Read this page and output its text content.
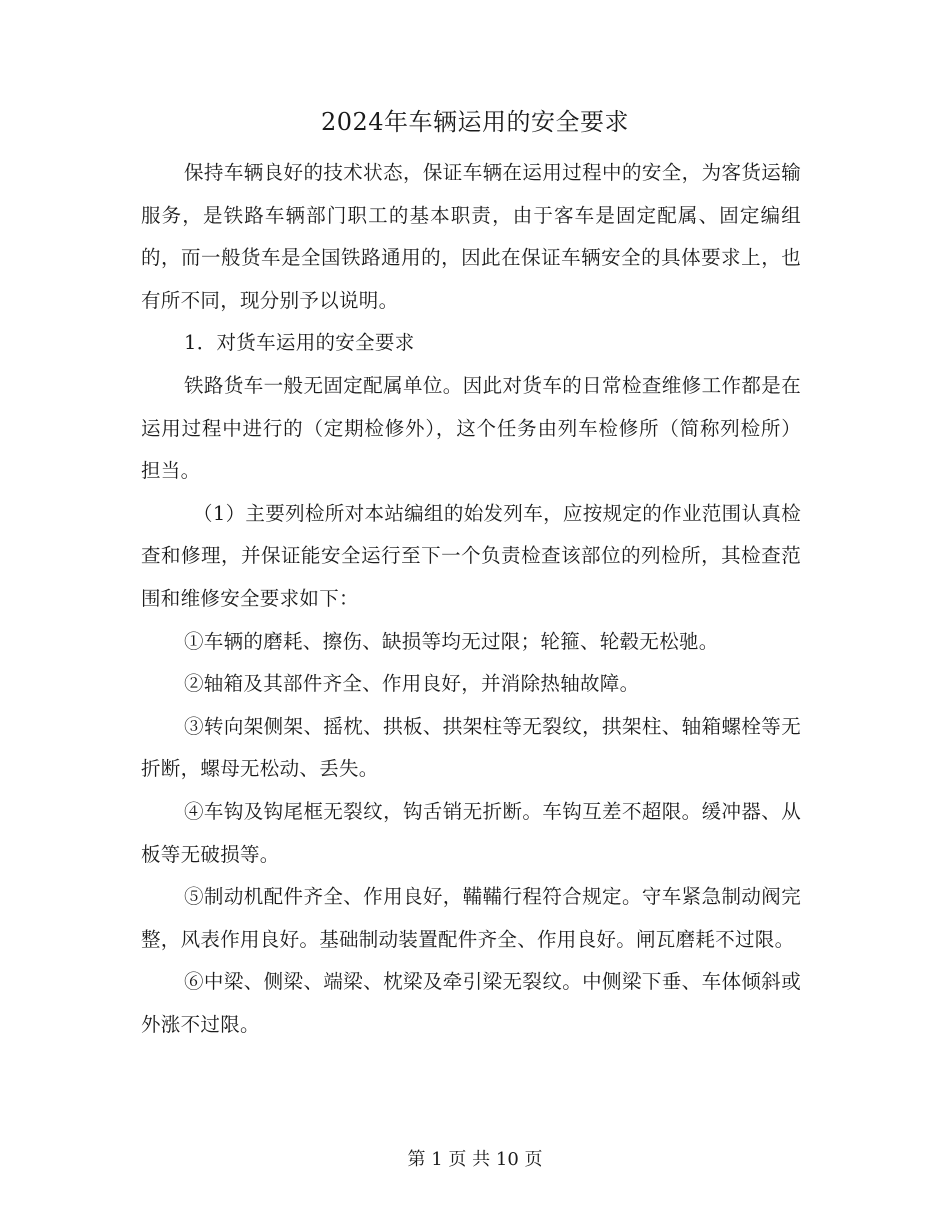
2024年车辆运用的安全要求

保持车辆良好的技术状态，保证车辆在运用过程中的安全，为客货运输服务，是铁路车辆部门职工的基本职责，由于客车是固定配属、固定编组的，而一般货车是全国铁路通用的，因此在保证车辆安全的具体要求上，也有所不同，现分别予以说明。

1．对货车运用的安全要求

铁路货车一般无固定配属单位。因此对货车的日常检查维修工作都是在运用过程中进行的（定期检修外），这个任务由列车检修所（简称列检所）担当。

（1）主要列检所对本站编组的始发列车，应按规定的作业范围认真检查和修理，并保证能安全运行至下一个负责检查该部位的列检所，其检查范围和维修安全要求如下：

①车辆的磨耗、擦伤、缺损等均无过限；轮箍、轮毂无松驰。

②轴箱及其部件齐全、作用良好，并消除热轴故障。

③转向架侧架、摇枕、拱板、拱架柱等无裂纹，拱架柱、轴箱螺栓等无折断，螺母无松动、丢失。

④车钩及钩尾框无裂纹，钩舌销无折断。车钩互差不超限。缓冲器、从板等无破损等。

⑤制动机配件齐全、作用良好，鞴鞴行程符合规定。守车紧急制动阀完整，风表作用良好。基础制动装置配件齐全、作用良好。闸瓦磨耗不过限。

⑥中梁、侧梁、端梁、枕梁及牵引梁无裂纹。中侧梁下垂、车体倾斜或外涨不过限。

第 1 页 共 10 页
